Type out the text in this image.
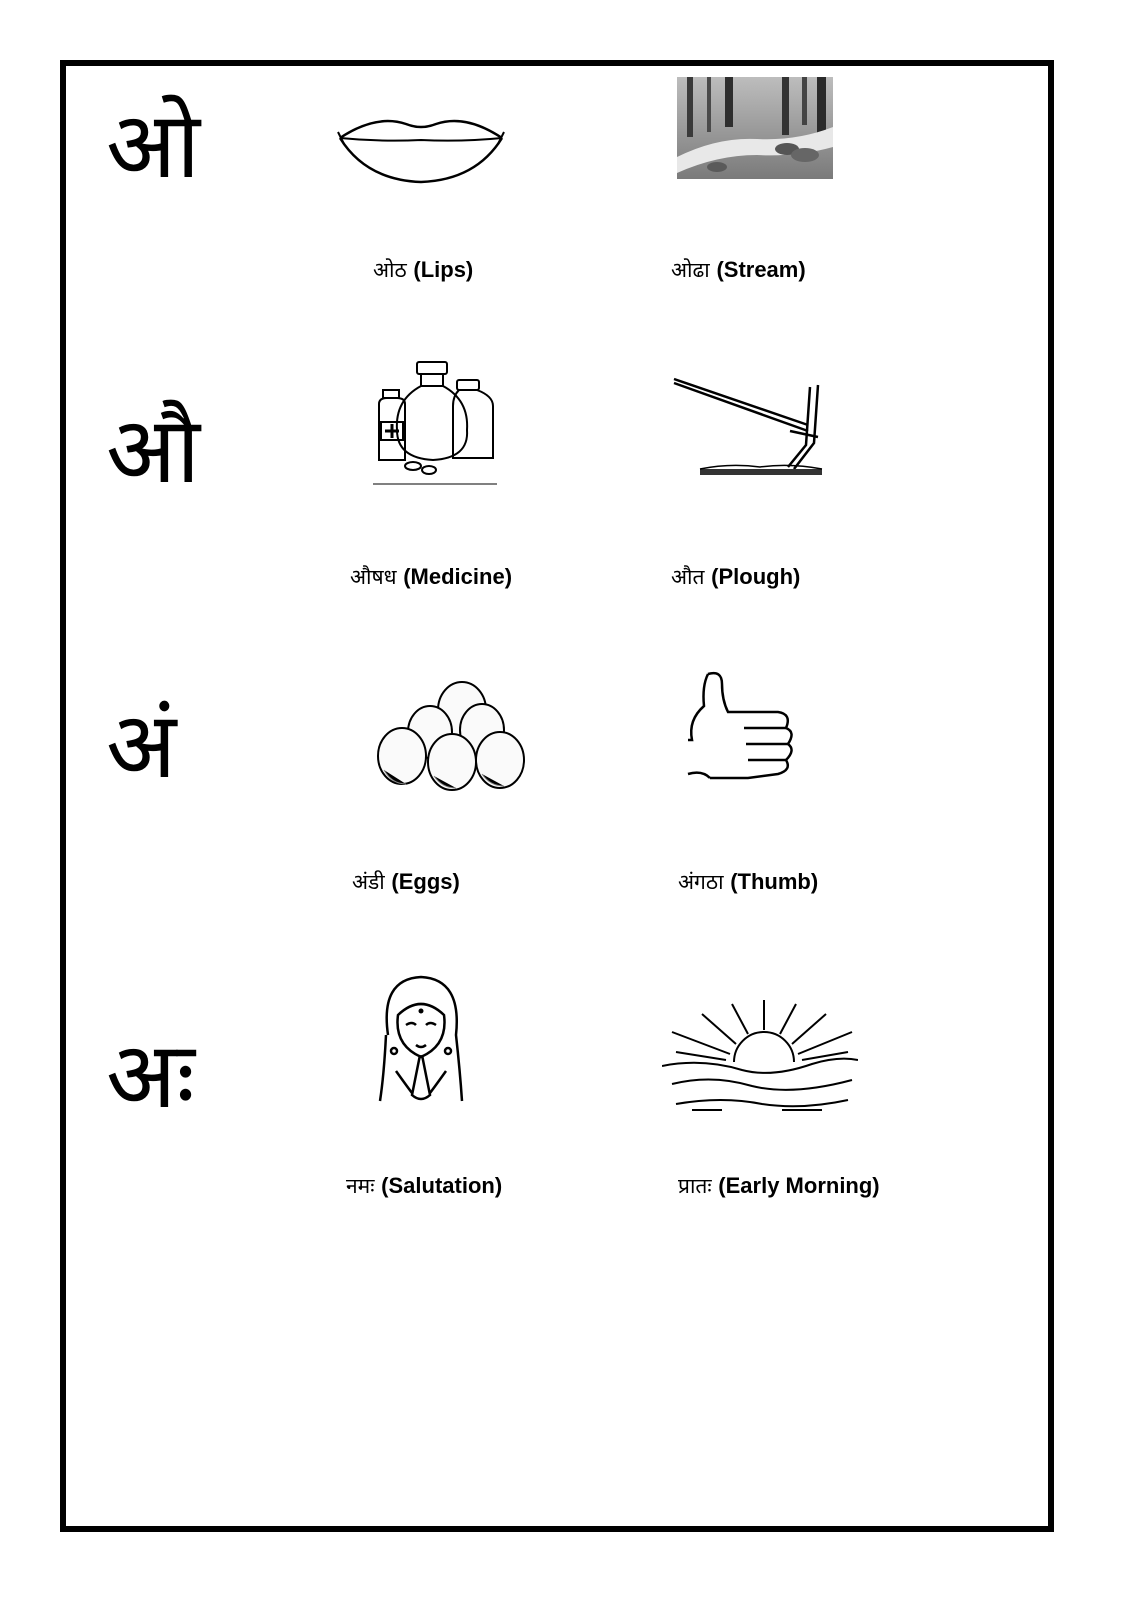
ओ
ओठ (Lips)	ओढा (Stream)
औ
औषध (Medicine)	औत (Plough)
अं
अंडी (Eggs)	अंगठा (Thumb)
अः
नमः (Salutation)	प्रातः (Early Morning)
